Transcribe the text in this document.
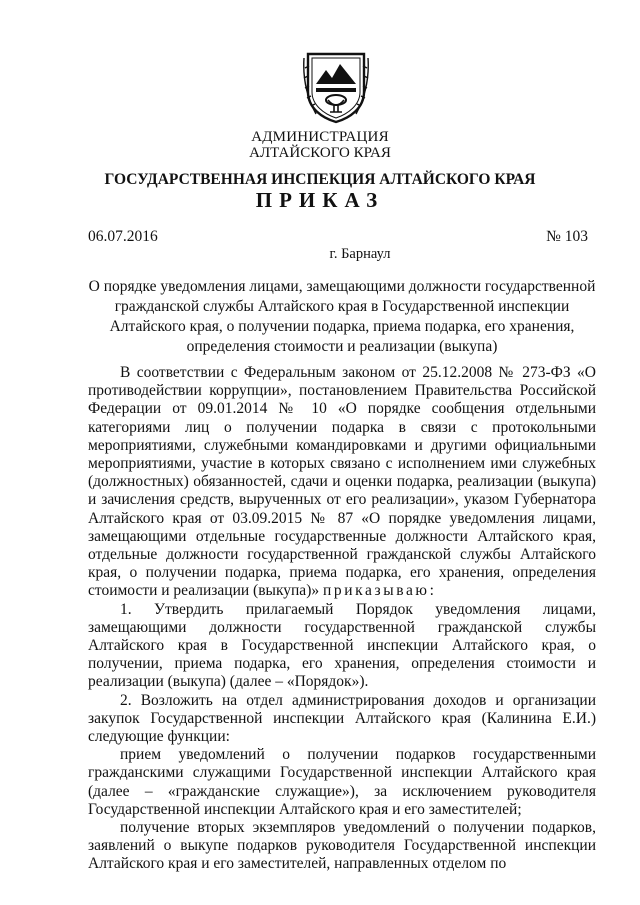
АДМИНИСТРАЦИЯ
АЛТАЙСКОГО КРАЯ
ГОСУДАРСТВЕННАЯ ИНСПЕКЦИЯ АЛТАЙСКОГО КРАЯ
ПРИКАЗ
06.07.2016	№ 103
г. Барнаул
О порядке уведомления лицами, замещающими должности государственной гражданской службы Алтайского края в Государственной инспекции Алтайского края, о получении подарка, приема подарка, его хранения, определения стоимости и реализации (выкупа)

В соответствии с Федеральным законом от 25.12.2008 № 273-ФЗ «О противодействии коррупции», постановлением Правительства Российской Федерации от 09.01.2014 № 10 «О порядке сообщения отдельными категориями лиц о получении подарка в связи с протокольными мероприятиями, служебными командировками и другими официальными мероприятиями, участие в которых связано с исполнением ими служебных (должностных) обязанностей, сдачи и оценки подарка, реализации (выкупа) и зачисления средств, вырученных от его реализации», указом Губернатора Алтайского края от 03.09.2015 № 87 «О порядке уведомления лицами, замещающими отдельные государственные должности Алтайского края, отдельные должности государственной гражданской службы Алтайского края, о получении подарка, приема подарка, его хранения, определения стоимости и реализации (выкупа)» приказываю:

1. Утвердить прилагаемый Порядок уведомления лицами, замещающими должности государственной гражданской службы Алтайского края в Государственной инспекции Алтайского края, о получении, приема подарка, его хранения, определения стоимости и реализации (выкупа) (далее – «Порядок»).

2. Возложить на отдел администрирования доходов и организации закупок Государственной инспекции Алтайского края (Калинина Е.И.) следующие функции:

прием уведомлений о получении подарков государственными гражданскими служащими Государственной инспекции Алтайского края (далее – «гражданские служащие»), за исключением руководителя Государственной инспекции Алтайского края и его заместителей;

получение вторых экземпляров уведомлений о получении подарков, заявлений о выкупе подарков руководителя Государственной инспекции Алтайского края и его заместителей, направленных отделом по
